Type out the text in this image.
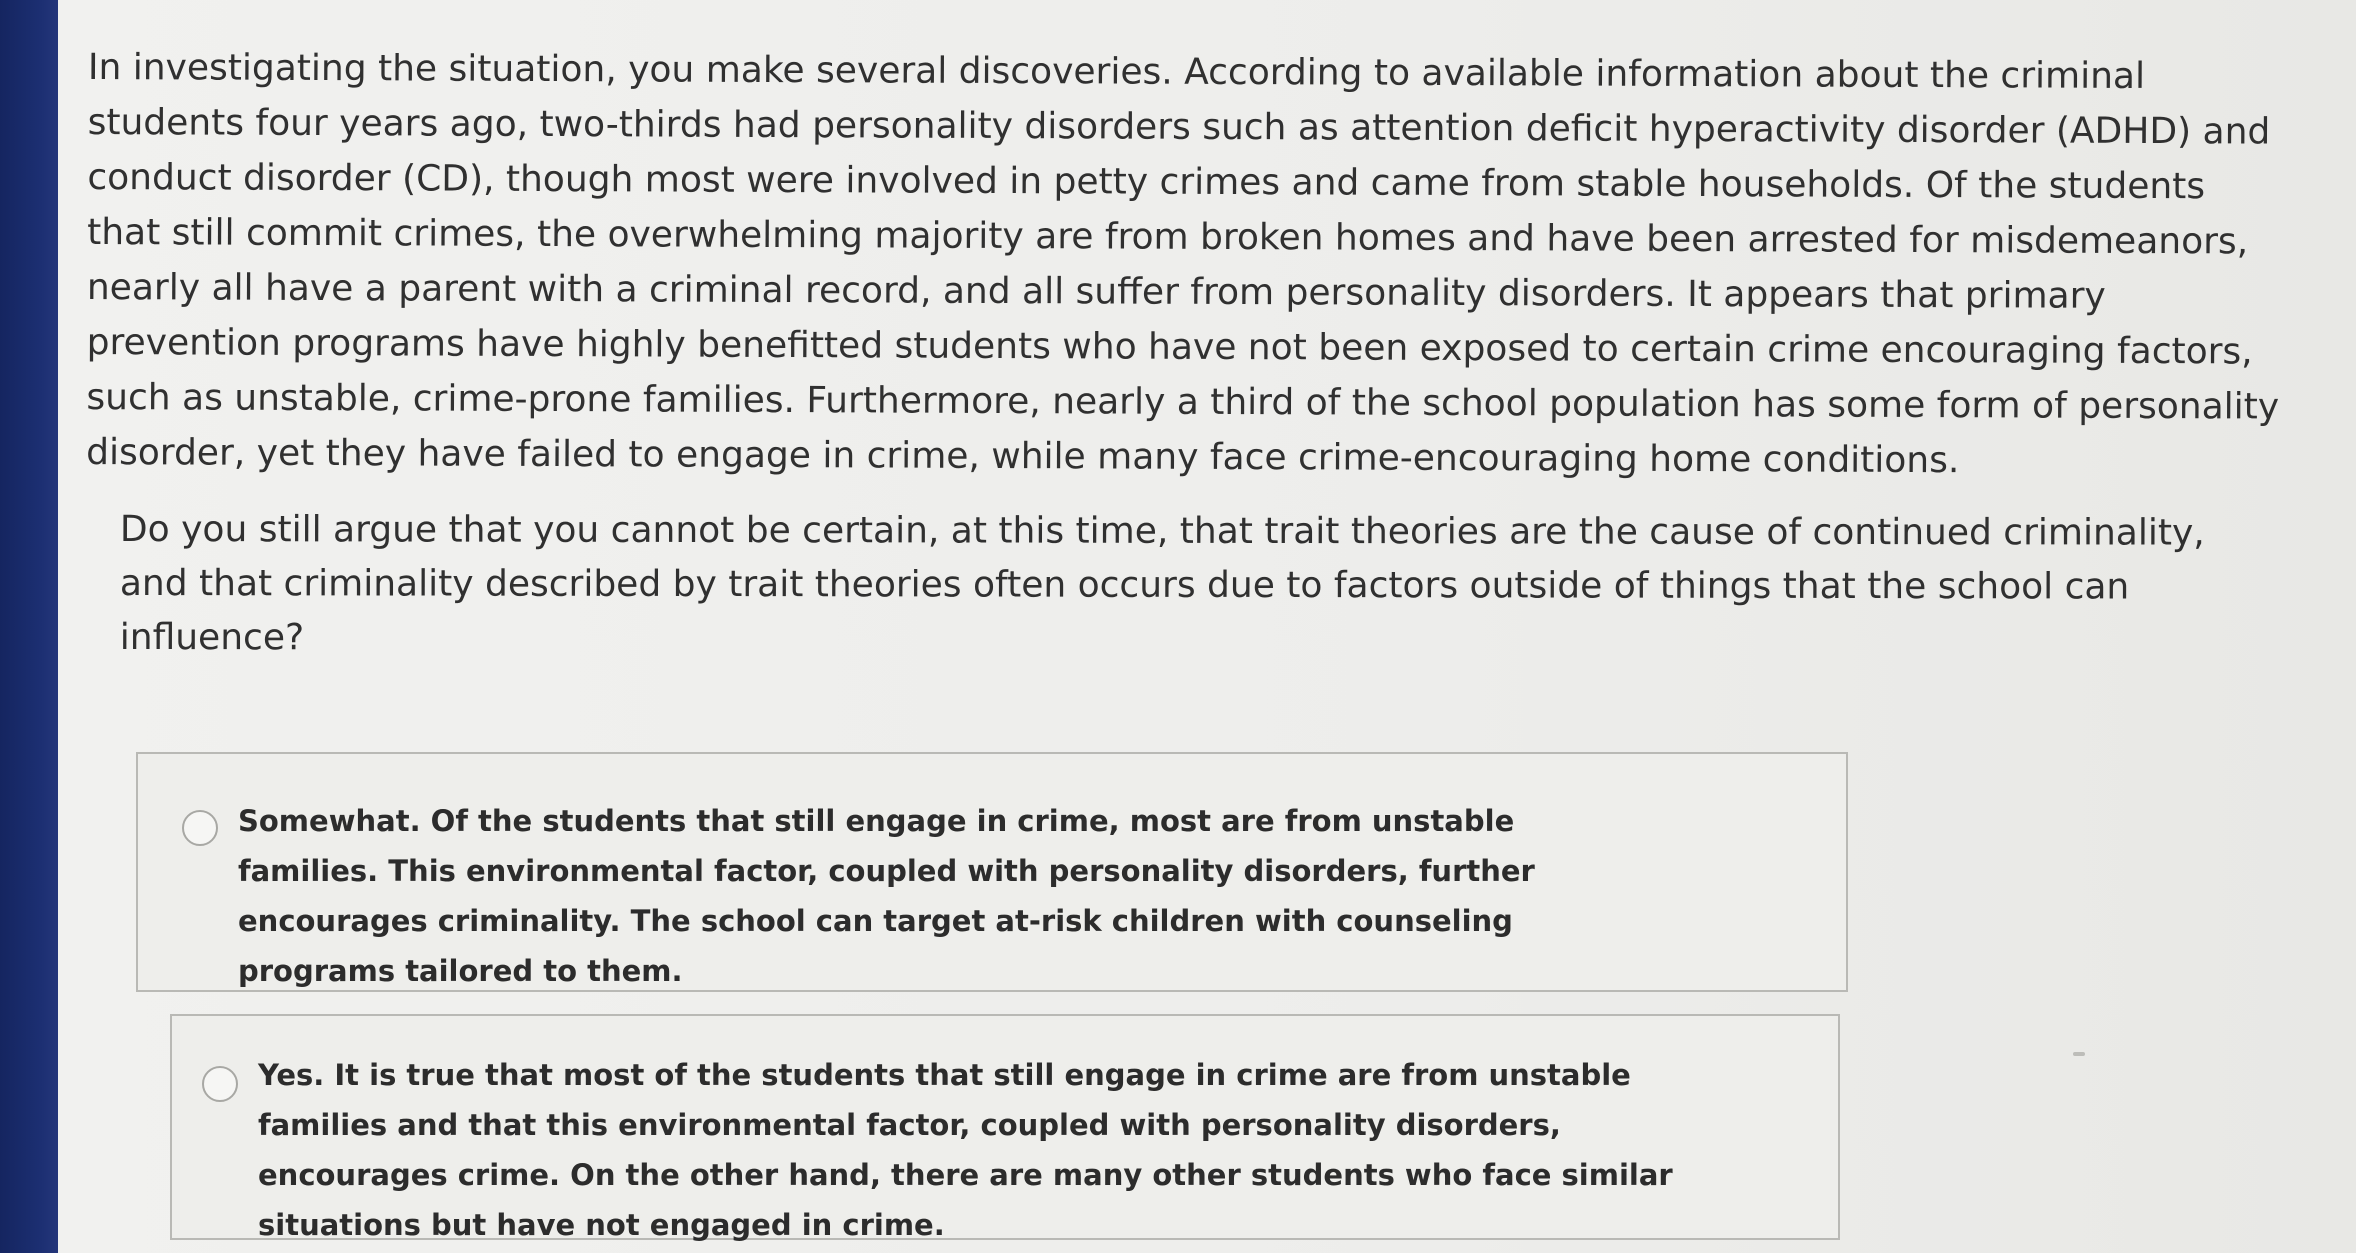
In investigating the situation, you make several discoveries. According to available information about the criminal students four years ago, two-thirds had personality disorders such as attention deficit hyperactivity disorder (ADHD) and conduct disorder (CD), though most were involved in petty crimes and came from stable households. Of the students that still commit crimes, the overwhelming majority are from broken homes and have been arrested for misdemeanors, nearly all have a parent with a criminal record, and all suffer from personality disorders. It appears that primary prevention programs have highly benefitted students who have not been exposed to certain crime encouraging factors, such as unstable, crime-prone families. Furthermore, nearly a third of the school population has some form of personality disorder, yet they have failed to engage in crime, while many face crime-encouraging home conditions.

Do you still argue that you cannot be certain, at this time, that trait theories are the cause of continued criminality, and that criminality described by trait theories often occurs due to factors outside of things that the school can influence?

Somewhat. Of the students that still engage in crime, most are from unstable families. This environmental factor, coupled with personality disorders, further encourages criminality. The school can target at-risk children with counseling programs tailored to them.

Yes. It is true that most of the students that still engage in crime are from unstable families and that this environmental factor, coupled with personality disorders, encourages crime. On the other hand, there are many other students who face similar situations but have not engaged in crime.
